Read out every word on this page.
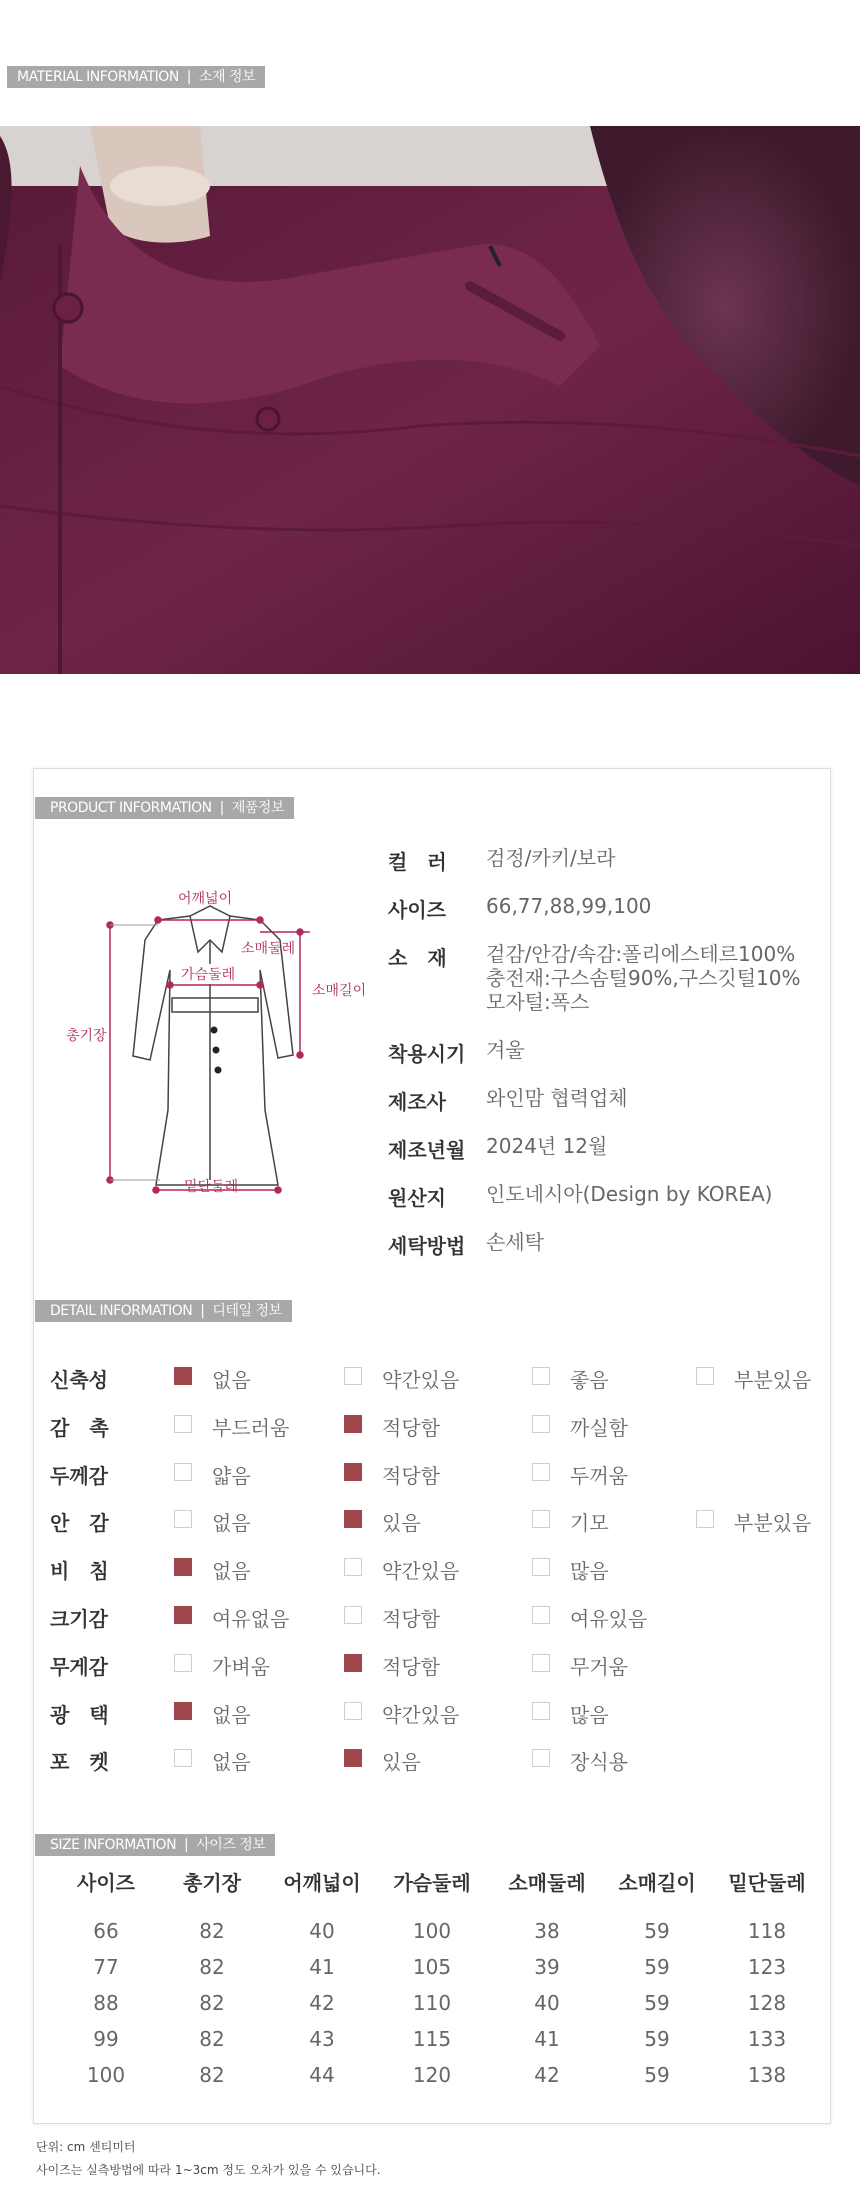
MATERIAL INFORMATION | 소재 정보
PRODUCT INFORMATION | 제품정보
어깨넓이
소매둘레
가슴둘레
소매길이
총기장
밑단둘레
컬　러	검정/카키/보라
사이즈	66,77,88,99,100
소　재	겉감/안감/속감:폴리에스테르100%
충전재:구스솜털90%,구스깃털10%
모자털:폭스
착용시기	겨울
제조사	와인맘 협력업체
제조년월	2024년 12월
원산지	인도네시아(Design by KOREA)
세탁방법	손세탁
DETAIL INFORMATION | 디테일 정보
신축성	없음	약간있음	좋음	부분있음
감　촉	부드러움	적당함	까실함
두께감	얇음	적당함	두꺼움
안　감	없음	있음	기모	부분있음
비　침	없음	약간있음	많음
크기감	여유없음	적당함	여유있음
무게감	가벼움	적당함	무거움
광　택	없음	약간있음	많음
포　켓	없음	있음	장식용
SIZE INFORMATION | 사이즈 정보
사이즈	총기장	어깨넓이	가슴둘레	소매둘레	소매길이	밑단둘레
66	82	40	100	38	59	118
77	82	41	105	39	59	123
88	82	42	110	40	59	128
99	82	43	115	41	59	133
100	82	44	120	42	59	138
단위: cm 센티미터
사이즈는 실측방법에 따라 1~3cm 정도 오차가 있을 수 있습니다.
